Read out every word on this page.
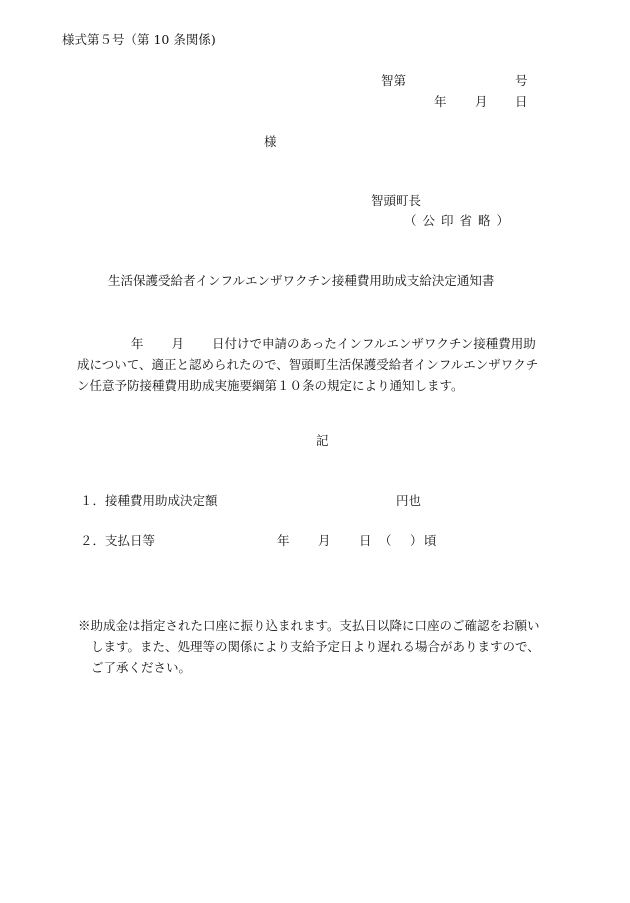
様式第５号（第 10 条関係)
智第	号
年 月 日
様
智頭町長
（公印省略）
生活保護受給者インフルエンザワクチン接種費用助成支給決定通知書
年 月 日付けで申請のあったインフルエンザワクチン接種費用助
成について、適正と認められたので、智頭町生活保護受給者インフルエンザワクチ
ン任意予防接種費用助成実施要綱第１０条の規定により通知します。
記
１．接種費用助成決定額	円也
２．支払日等	年 月 日 （ ） 頃
※助成金は指定された口座に振り込まれます。支払日以降に口座のご確認をお願い
します。また、処理等の関係により支給予定日より遅れる場合がありますので、
ご了承ください。
